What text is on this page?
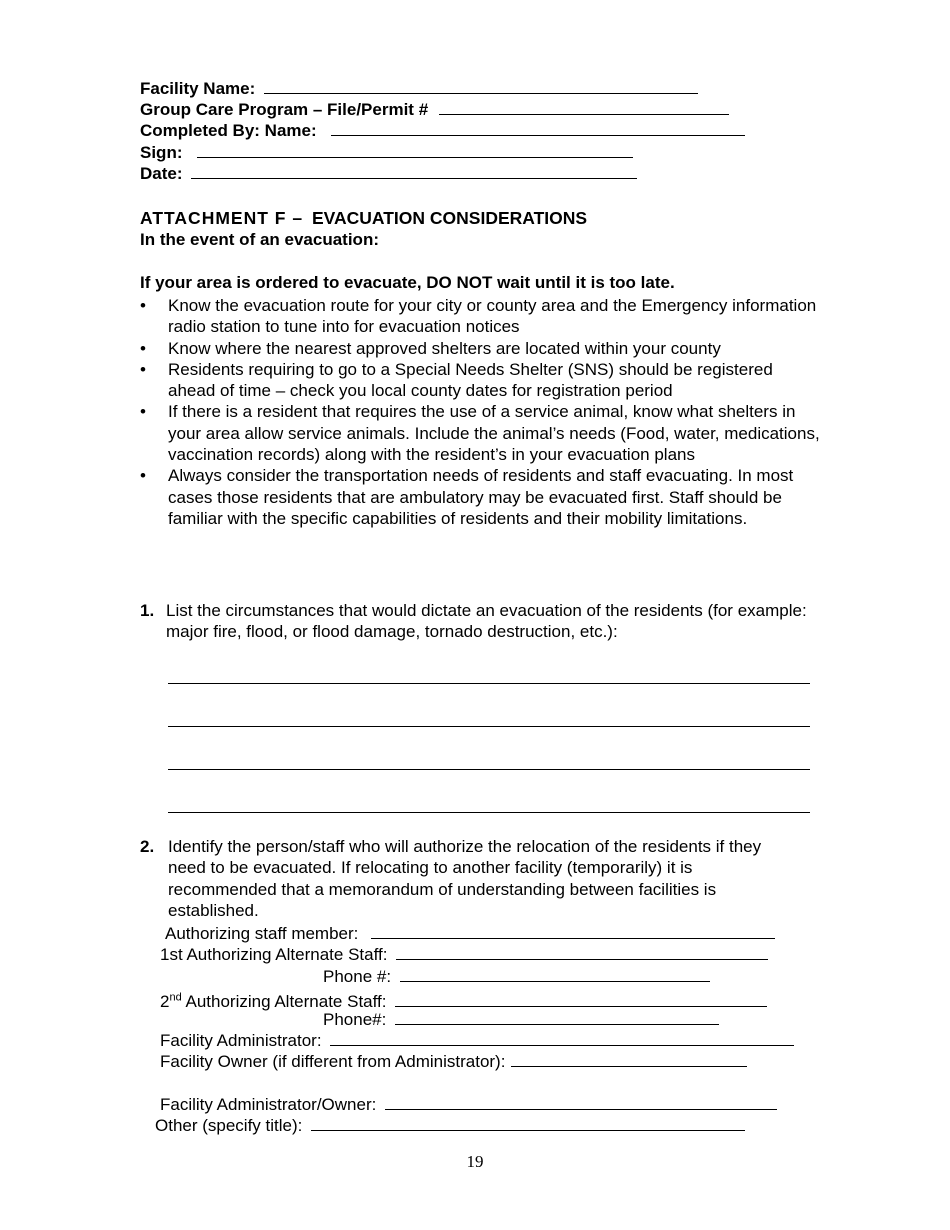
Facility Name:
Group Care Program – File/Permit #
Completed By: Name:
Sign:
Date:
ATTACHMENT F – EVACUATION CONSIDERATIONS
In the event of an evacuation:
If your area is ordered to evacuate, DO NOT wait until it is too late.
•	Know the evacuation route for your city or county area and the Emergency information radio station to tune into for evacuation notices
•	Know where the nearest approved shelters are located within your county
•	Residents requiring to go to a Special Needs Shelter (SNS) should be registered ahead of time – check you local county dates for registration period
•	If there is a resident that requires the use of a service animal, know what shelters in your area allow service animals. Include the animal’s needs (Food, water, medications, vaccination records) along with the resident’s in your evacuation plans
•	Always consider the transportation needs of residents and staff evacuating. In most cases those residents that are ambulatory may be evacuated first. Staff should be familiar with the specific capabilities of residents and their mobility limitations.
1. List the circumstances that would dictate an evacuation of the residents (for example: major fire, flood, or flood damage, tornado destruction, etc.):
2. Identify the person/staff who will authorize the relocation of the residents if they need to be evacuated. If relocating to another facility (temporarily) it is recommended that a memorandum of understanding between facilities is established.
Authorizing staff member:
1st Authorizing Alternate Staff:
Phone #:
2nd Authorizing Alternate Staff:
Phone#:
Facility Administrator:
Facility Owner (if different from Administrator):
Facility Administrator/Owner:
Other (specify title):
19
